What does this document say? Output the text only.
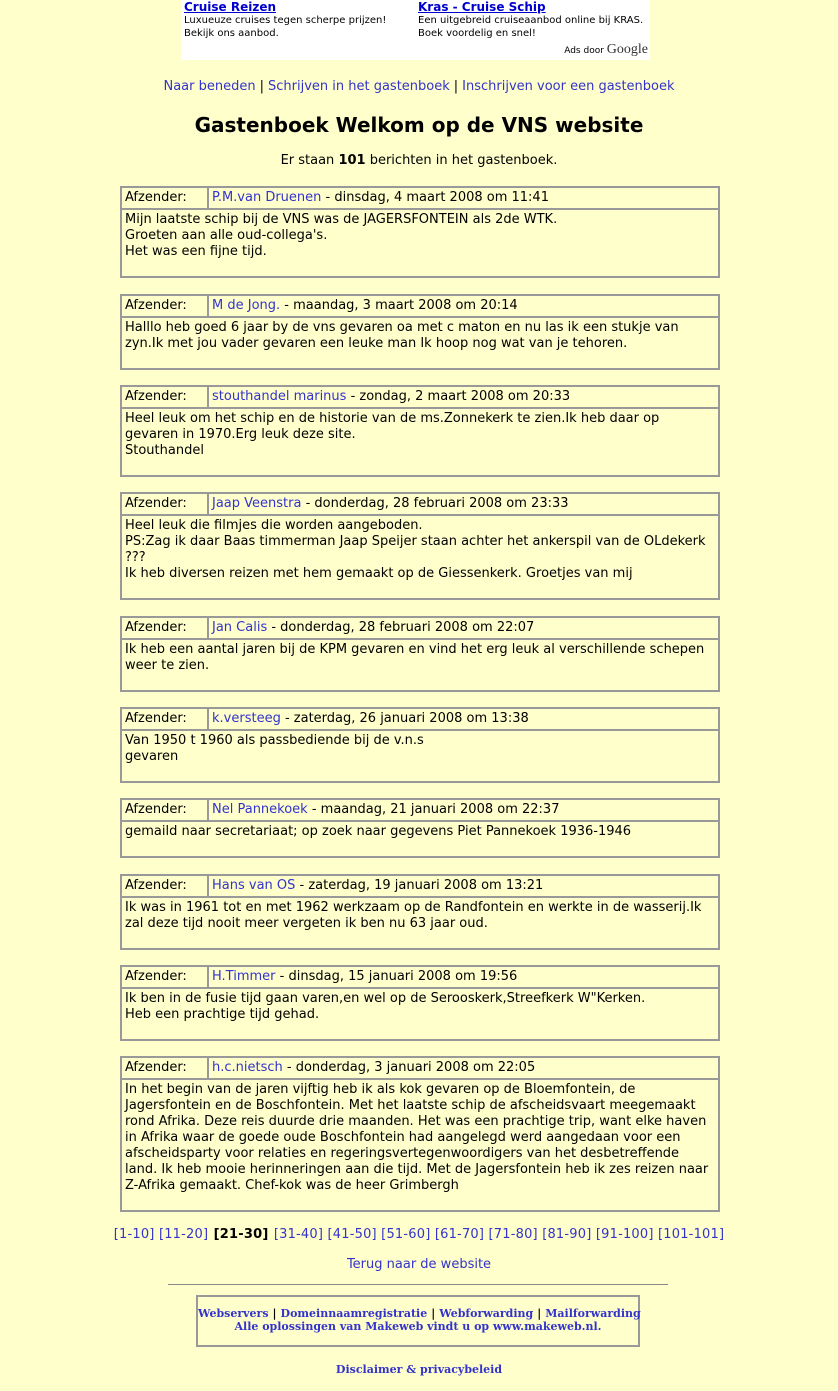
Cruise Reizen
Luxueuze cruises tegen scherpe prijzen! Bekijk ons aanbod.
Kras - Cruise Schip
Een uitgebreid cruiseaanbod online bij KRAS. Boek voordelig en snel!
Ads door Google
Naar beneden | Schrijven in het gastenboek | Inschrijven voor een gastenboek
Gastenboek Welkom op de VNS website
Er staan 101 berichten in het gastenboek.
Afzender:	P.M.van Druenen - dinsdag, 4 maart 2008 om 11:41
Mijn laatste schip bij de VNS was de JAGERSFONTEIN als 2de WTK.
Groeten aan alle oud-collega's.
Het was een fijne tijd.
Afzender:	M de Jong. - maandag, 3 maart 2008 om 20:14
Halllo heb goed 6 jaar by de vns gevaren oa met c maton en nu las ik een stukje van zyn.Ik met jou vader gevaren een leuke man Ik hoop nog wat van je tehoren.
Afzender:	stouthandel marinus - zondag, 2 maart 2008 om 20:33
Heel leuk om het schip en de historie van de ms.Zonnekerk te zien.Ik heb daar op gevaren in 1970.Erg leuk deze site.
Stouthandel
Afzender:	Jaap Veenstra - donderdag, 28 februari 2008 om 23:33
Heel leuk die filmjes die worden aangeboden.
PS:Zag ik daar Baas timmerman Jaap Speijer staan achter het ankerspil van de OLdekerk ???
Ik heb diversen reizen met hem gemaakt op de Giessenkerk. Groetjes van mij
Afzender:	Jan Calis - donderdag, 28 februari 2008 om 22:07
Ik heb een aantal jaren bij de KPM gevaren en vind het erg leuk al verschillende schepen weer te zien.
Afzender:	k.versteeg - zaterdag, 26 januari 2008 om 13:38
Van 1950 t 1960 als passbediende bij de v.n.s
gevaren
Afzender:	Nel Pannekoek - maandag, 21 januari 2008 om 22:37
gemaild naar secretariaat; op zoek naar gegevens Piet Pannekoek 1936-1946
Afzender:	Hans van OS - zaterdag, 19 januari 2008 om 13:21
Ik was in 1961 tot en met 1962 werkzaam op de Randfontein en werkte in de wasserij.Ik zal deze tijd nooit meer vergeten ik ben nu 63 jaar oud.
Afzender:	H.Timmer - dinsdag, 15 januari 2008 om 19:56
Ik ben in de fusie tijd gaan varen,en wel op de Serooskerk,Streefkerk W"Kerken.
Heb een prachtige tijd gehad.
Afzender:	h.c.nietsch - donderdag, 3 januari 2008 om 22:05
In het begin van de jaren vijftig heb ik als kok gevaren op de Bloemfontein, de Jagersfontein en de Boschfontein. Met het laatste schip de afscheidsvaart meegemaakt rond Afrika. Deze reis duurde drie maanden. Het was een prachtige trip, want elke haven in Afrika waar de goede oude Boschfontein had aangelegd werd aangedaan voor een afscheidsparty voor relaties en regeringsvertegenwoordigers van het desbetreffende land. Ik heb mooie herinneringen aan die tijd. Met de Jagersfontein heb ik zes reizen naar Z-Afrika gemaakt. Chef-kok was de heer Grimbergh
[1-10] [11-20] [21-30] [31-40] [41-50] [51-60] [61-70] [71-80] [81-90] [91-100] [101-101]
Terug naar de website
Webservers | Domeinnaamregistratie | Webforwarding | Mailforwarding
Alle oplossingen van Makeweb vindt u op www.makeweb.nl.
Disclaimer & privacybeleid
